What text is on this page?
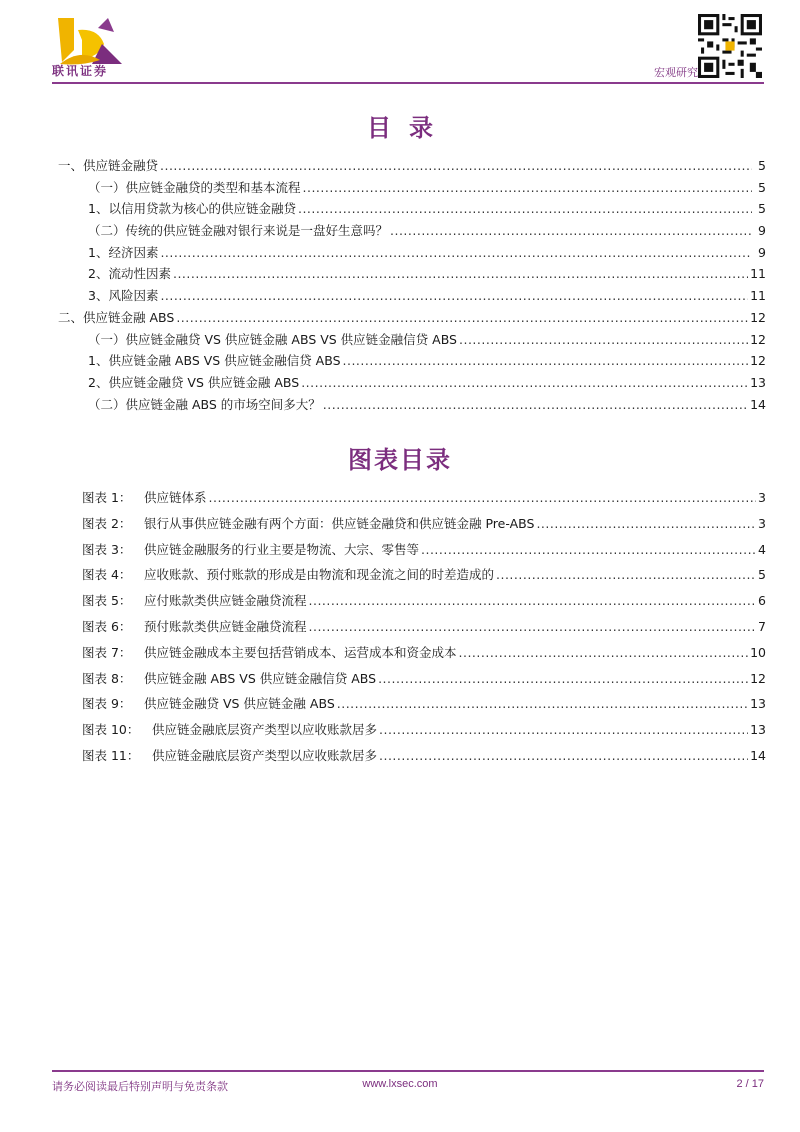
联讯证券	宏观研究
目录
一、供应链金融贷 .....	5
（一）供应链金融贷的类型和基本流程 .....	5
1、以信用贷款为核心的供应链金融贷 .....	5
（二）传统的供应链金融对银行来说是一盘好生意吗？ .....	9
1、经济因素 .....	9
2、流动性因素 .....	11
3、风险因素 .....	11
二、供应链金融 ABS .....	12
（一）供应链金融贷 VS 供应链金融 ABS VS 供应链金融信贷 ABS .....	12
1、供应链金融 ABS VS 供应链金融信贷 ABS .....	12
2、供应链金融贷 VS 供应链金融 ABS .....	13
（二）供应链金融 ABS 的市场空间多大？ .....	14
图表目录
图表 1：	供应链体系 .....	3
图表 2：	银行从事供应链金融有两个方面：供应链金融贷和供应链金融 Pre-ABS .....	3
图表 3：	供应链金融服务的行业主要是物流、大宗、零售等 .....	4
图表 4：	应收账款、预付账款的形成是由物流和现金流之间的时差造成的 .....	5
图表 5：	应付账款类供应链金融贷流程 .....	6
图表 6：	预付账款类供应链金融贷流程 .....	7
图表 7：	供应链金融成本主要包括营销成本、运营成本和资金成本 .....	10
图表 8：	供应链金融 ABS VS 供应链金融信贷 ABS .....	12
图表 9：	供应链金融贷 VS 供应链金融 ABS .....	13
图表 10：	供应链金融底层资产类型以应收账款居多 .....	13
图表 11：	供应链金融底层资产类型以应收账款居多 .....	14
请务必阅读最后特别声明与免责条款	www.lxsec.com	2 / 17
